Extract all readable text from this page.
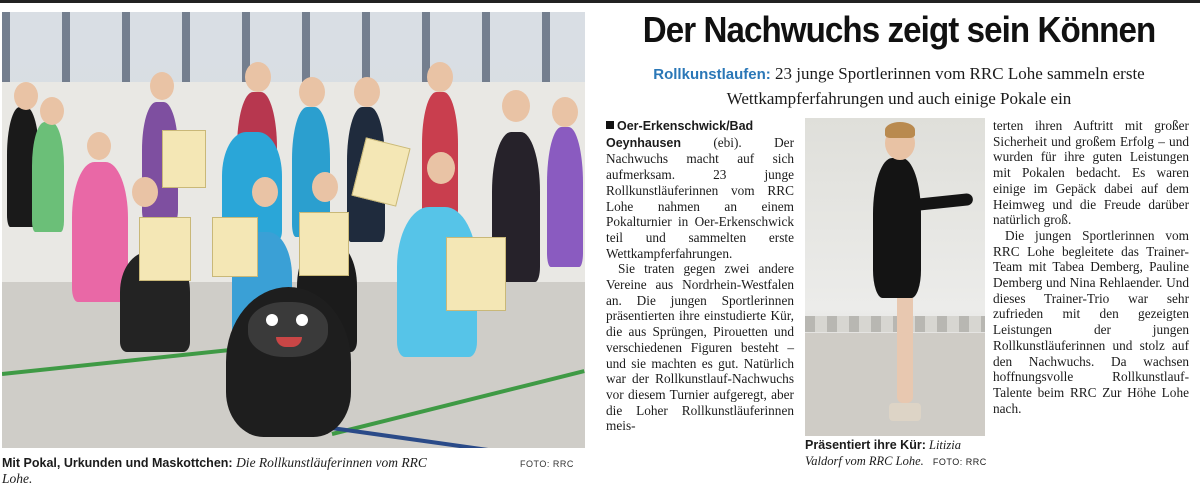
Mit Pokal, Urkunden und Maskottchen: Die Rollkunstläuferinnen vom RRC Lohe.
FOTO: RRC
Der Nachwuchs zeigt sein Können
Rollkunstlaufen: 23 junge Sportlerinnen vom RRC Lohe sammeln erste Wettkampferfahrungen und auch einige Pokale ein

Oer-Erkenschwick/Bad Oeynhausen (ebi). Der Nachwuchs macht auf sich aufmerksam. 23 junge Rollkunstläuferinnen vom RRC Lohe nahmen an einem Pokalturnier in Oer-Erkenschwick teil und sammelten erste Wettkampferfahrungen.

Sie traten gegen zwei andere Vereine aus Nordrhein-Westfalen an. Die jungen Sportlerinnen präsentierten ihre einstudierte Kür, die aus Sprüngen, Pirouetten und verschiedenen Figuren besteht – und sie machten es gut. Natürlich war der Rollkunstlauf-Nachwuchs vor diesem Turnier aufgeregt, aber die Loher Rollkunstläuferinnen meis-

Präsentiert ihre Kür: Litizia Valdorf vom RRC Lohe. FOTO: RRC

terten ihren Auftritt mit großer Sicherheit und großem Erfolg – und wurden für ihre guten Leistungen mit Pokalen bedacht. Es waren einige im Gepäck dabei auf dem Heimweg und die Freude darüber natürlich groß.

Die jungen Sportlerinnen vom RRC Lohe begleitete das Trainer-Team mit Tabea Demberg, Pauline Demberg und Nina Rehlaender. Und dieses Trainer-Trio war sehr zufrieden mit den gezeigten Leistungen der jungen Rollkunstläuferinnen und stolz auf den Nachwuchs. Da wachsen hoffnungsvolle Rollkunstlauf-Talente beim RRC Zur Höhe Lohe nach.
